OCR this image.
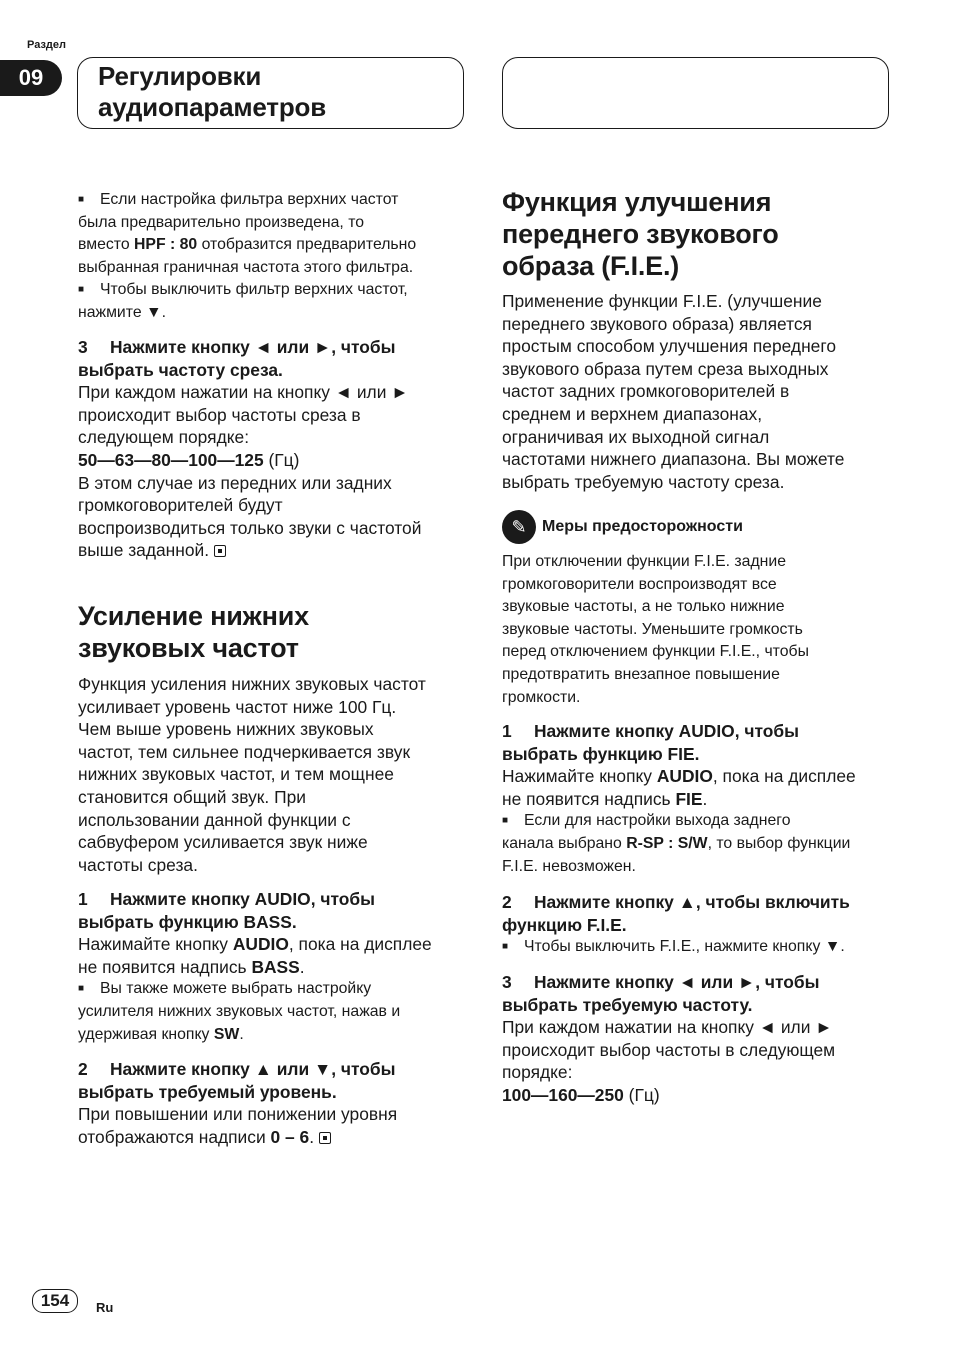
Раздел
09	Регулировки

аудиопараметров

■ Если настройка фильтра верхних частот

была предварительно произведена, то

вместо HPF : 80 отобразится предварительно

выбранная граничная частота этого фильтра.

■ Чтобы выключить фильтр верхних частот,

нажмите ▼.

3 Нажмите кнопку ◄ или ►, чтобы

выбрать частоту среза.

При каждом нажатии на кнопку ◄ или ►

происходит выбор частоты среза в

следующем порядке:

50—63—80—100—125 (Гц)

В этом случае из передних или задних

громкоговорителей будут

воспроизводиться только звуки с частотой

выше заданной.

Усиление нижних

звуковых частот

Функция усиления нижних звуковых частот

усиливает уровень частот ниже 100 Гц.

Чем выше уровень нижних звуковых

частот, тем сильнее подчеркивается звук

нижних звуковых частот, и тем мощнее

становится общий звук. При

использовании данной функции с

сабвуфером усиливается звук ниже

частоты среза.

1 Нажмите кнопку AUDIO, чтобы

выбрать функцию BASS.

Нажимайте кнопку AUDIO, пока на дисплее

не появится надпись BASS.

■ Вы также можете выбрать настройку

усилителя нижних звуковых частот, нажав и

удерживая кнопку SW.

2 Нажмите кнопку ▲ или ▼, чтобы

выбрать требуемый уровень.

При повышении или понижении уровня

отображаются надписи 0 – 6.

Функция улучшения

переднего звукового

образа (F.I.E.)

Применение функции F.I.E. (улучшение

переднего звукового образа) является

простым способом улучшения переднего

звукового образа путем среза выходных

частот задних громкоговорителей в

среднем и верхнем диапазонах,

ограничивая их выходной сигнал

частотами нижнего диапазона. Вы можете

выбрать требуемую частоту среза.

✎ Меры предосторожности

При отключении функции F.I.E. задние

громкоговорители воспроизводят все

звуковые частоты, а не только нижние

звуковые частоты. Уменьшите громкость

перед отключением функции F.I.E., чтобы

предотвратить внезапное повышение

громкости.

1 Нажмите кнопку AUDIO, чтобы

выбрать функцию FIE.

Нажимайте кнопку AUDIO, пока на дисплее

не появится надпись FIE.

■ Если для настройки выхода заднего

канала выбрано R-SP : S/W, то выбор функции

F.I.E. невозможен.

2 Нажмите кнопку ▲, чтобы включить

функцию F.I.E.

■ Чтобы выключить F.I.E., нажмите кнопку ▼.

3 Нажмите кнопку ◄ или ►, чтобы

выбрать требуемую частоту.

При каждом нажатии на кнопку ◄ или ►

происходит выбор частоты в следующем

порядке:

100—160—250 (Гц)

154	Ru
